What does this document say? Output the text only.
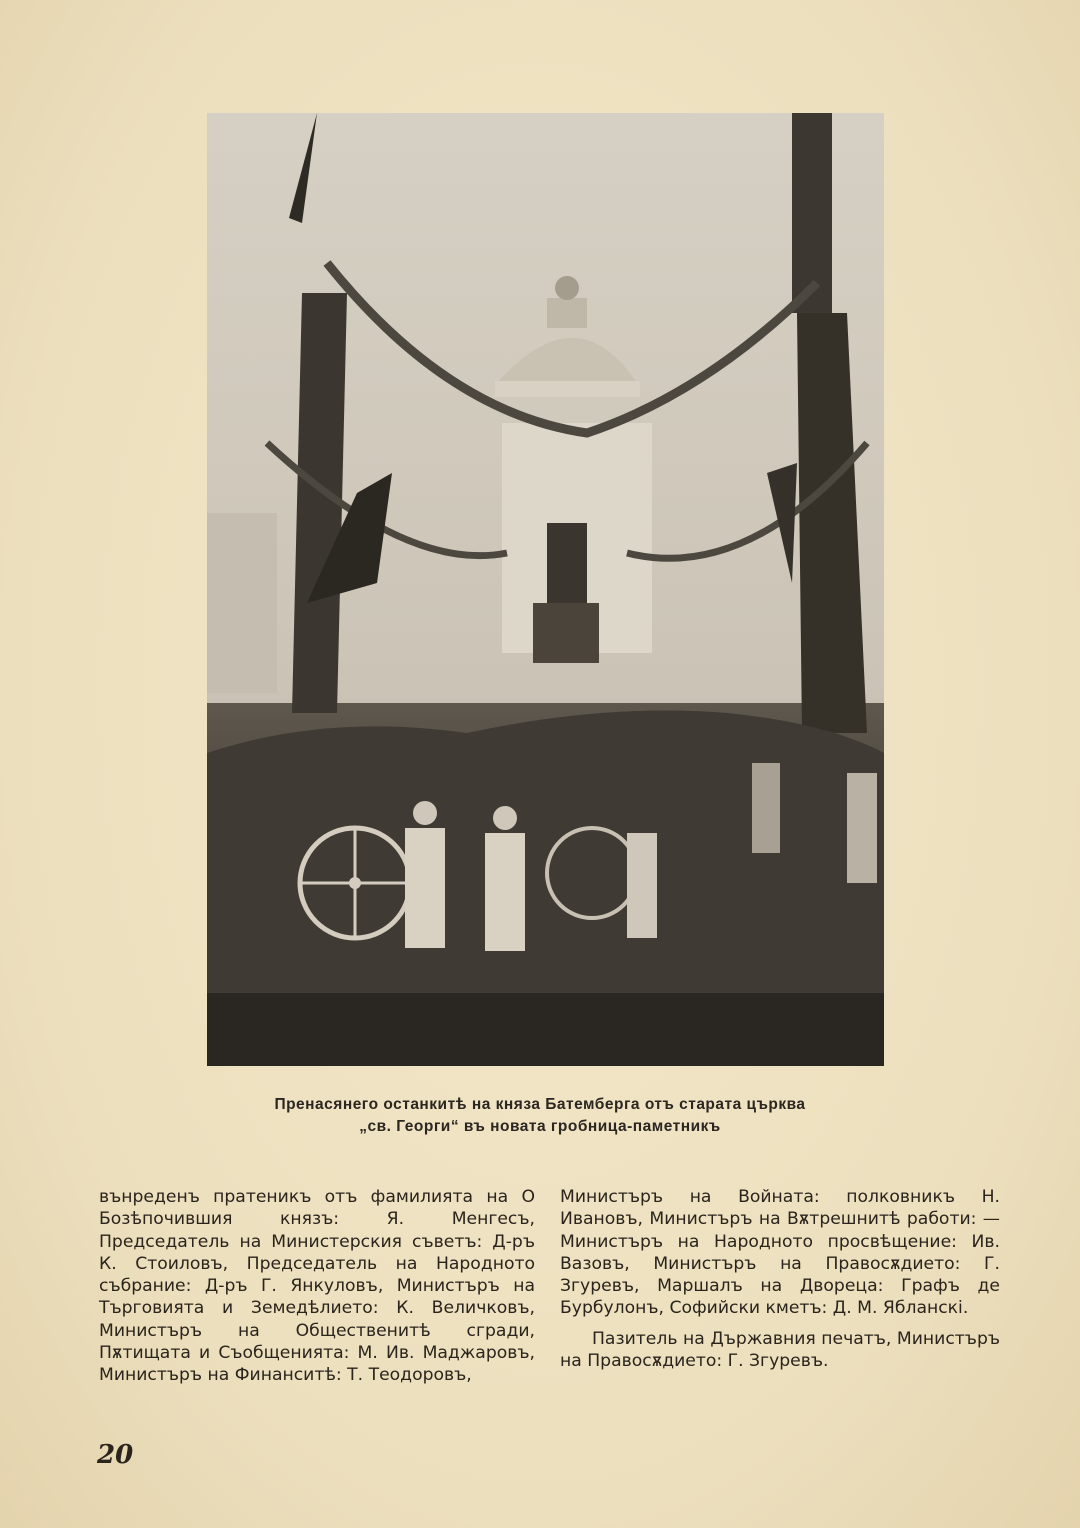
Пренасянего останкитѣ на княза Батемберга отъ старата църква
„св. Георги“ въ новата гробница-паметникъ

вънреденъ пратеникъ отъ фамилията на О Бозѣпочившия князъ: Я. Менгесъ, Председатель на Министерския съветъ: Д-ръ К. Стоиловъ, Председатель на Народното събрание: Д-ръ Г. Янкуловъ, Министъръ на Търговията и Земедѣлието: К. Величковъ, Министъръ на Общественитѣ сгради, Пѫтищата и Съобщенията: М. Ив. Маджаровъ, Министъръ на Финанситѣ: Т. Теодоровъ,

Министъръ на Войната: полковникъ Н. Ивановъ, Министъръ на Вѫтрешнитѣ работи: — Министъръ на Народното просвѣщение: Ив. Вазовъ, Министъръ на Правосѫдието: Г. Згуревъ, Маршалъ на Двореца: Графъ де Бурбулонъ, Софийски кметъ: Д. М. Ябланскi.

Пазитель на Държавния печатъ, Министъръ на Правосѫдието: Г. Згуревъ.

20
